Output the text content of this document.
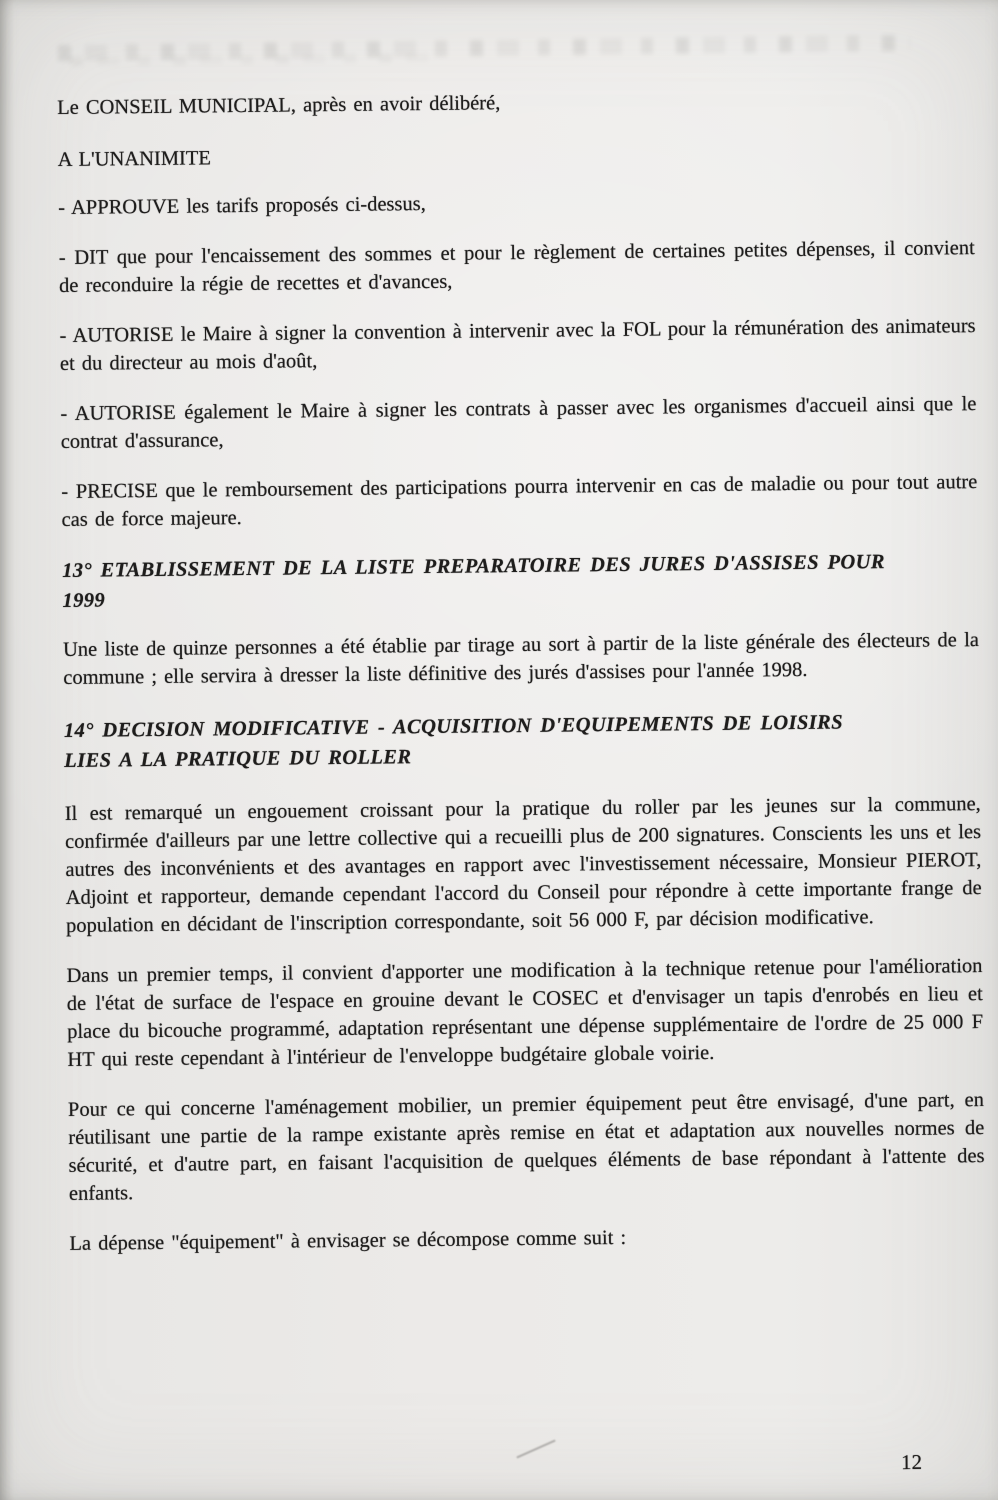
Le CONSEIL MUNICIPAL, après en avoir délibéré,

A L'UNANIMITE

- APPROUVE les tarifs proposés ci-dessus,

- DIT que pour l'encaissement des sommes et pour le règlement de certaines petites dépenses, il convient de reconduire la régie de recettes et d'avances,

- AUTORISE le Maire à signer la convention à intervenir avec la FOL pour la rémunération des animateurs et du directeur au mois d'août,

- AUTORISE également le Maire à signer les contrats à passer avec les organismes d'accueil ainsi que le contrat d'assurance,

- PRECISE que le remboursement des participations pourra intervenir en cas de maladie ou pour tout autre cas de force majeure.

13° ETABLISSEMENT DE LA LISTE PREPARATOIRE DES JURES D'ASSISES POUR
1999

Une liste de quinze personnes a été établie par tirage au sort à partir de la liste générale des électeurs de la commune ; elle servira à dresser la liste définitive des jurés d'assises pour l'année 1998.

14° DECISION MODIFICATIVE - ACQUISITION D'EQUIPEMENTS DE LOISIRS
LIES A LA PRATIQUE DU ROLLER

Il est remarqué un engouement croissant pour la pratique du roller par les jeunes sur la commune, confirmée d'ailleurs par une lettre collective qui a recueilli plus de 200 signatures. Conscients les uns et les autres des inconvénients et des avantages en rapport avec l'investissement nécessaire, Monsieur PIEROT, Adjoint et rapporteur, demande cependant l'accord du Conseil pour répondre à cette importante frange de population en décidant de l'inscription correspondante, soit 56 000 F, par décision modificative.

Dans un premier temps, il convient d'apporter une modification à la technique retenue pour l'amélioration de l'état de surface de l'espace en grouine devant le COSEC et d'envisager un tapis d'enrobés en lieu et place du bicouche programmé, adaptation représentant une dépense supplémentaire de l'ordre de 25 000 F HT qui reste cependant à l'intérieur de l'enveloppe budgétaire globale voirie.

Pour ce qui concerne l'aménagement mobilier, un premier équipement peut être envisagé, d'une part, en réutilisant une partie de la rampe existante après remise en état et adaptation aux nouvelles normes de sécurité, et d'autre part, en faisant l'acquisition de quelques éléments de base répondant à l'attente des enfants.

La dépense "équipement" à envisager se décompose comme suit :

12
